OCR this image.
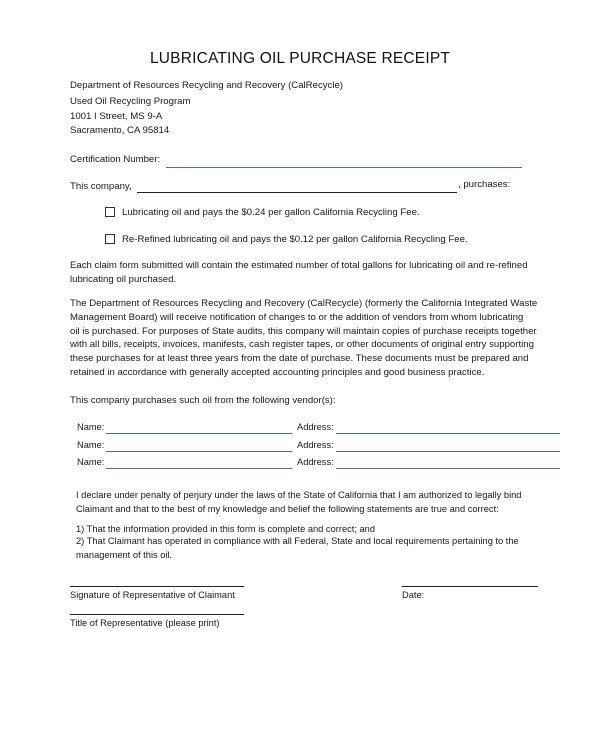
LUBRICATING OIL PURCHASE RECEIPT
Department of Resources Recycling and Recovery (CalRecycle)
Used Oil Recycling Program
1001 I Street, MS 9-A
Sacramento, CA 95814
Certification Number:
This company,	, purchases:
Lubricating oil and pays the $0.24 per gallon California Recycling Fee.
Re-Refined lubricating oil and pays the $0.12 per gallon California Recycling Fee.
Each claim form submitted will contain the estimated number of total gallons for lubricating oil and re-refined
lubricating oil purchased.
The Department of Resources Recycling and Recovery (CalRecycle) (formerly the California Integrated Waste
Management Board) will receive notification of changes to or the addition of vendors from whom lubricating
oil is purchased. For purposes of State audits, this company will maintain copies of purchase receipts together
with all bills, receipts, invoices, manifests, cash register tapes, or other documents of original entry supporting
these purchases for at least three years from the date of purchase. These documents must be prepared and
retained in accordance with generally accepted accounting principles and good business practice.
This company purchases such oil from the following vendor(s):
Name:	Address:
Name:	Address:
Name:	Address:
I declare under penalty of perjury under the laws of the State of California that I am authorized to legally bind
Claimant and that to the best of my knowledge and belief the following statements are true and correct:
1) That the information provided in this form is complete and correct; and
2) That Claimant has operated in compliance with all Federal, State and local requirements pertaining to the
management of this oil.
Signature of Representative of Claimant	Date:
Title of Representative (please print)
